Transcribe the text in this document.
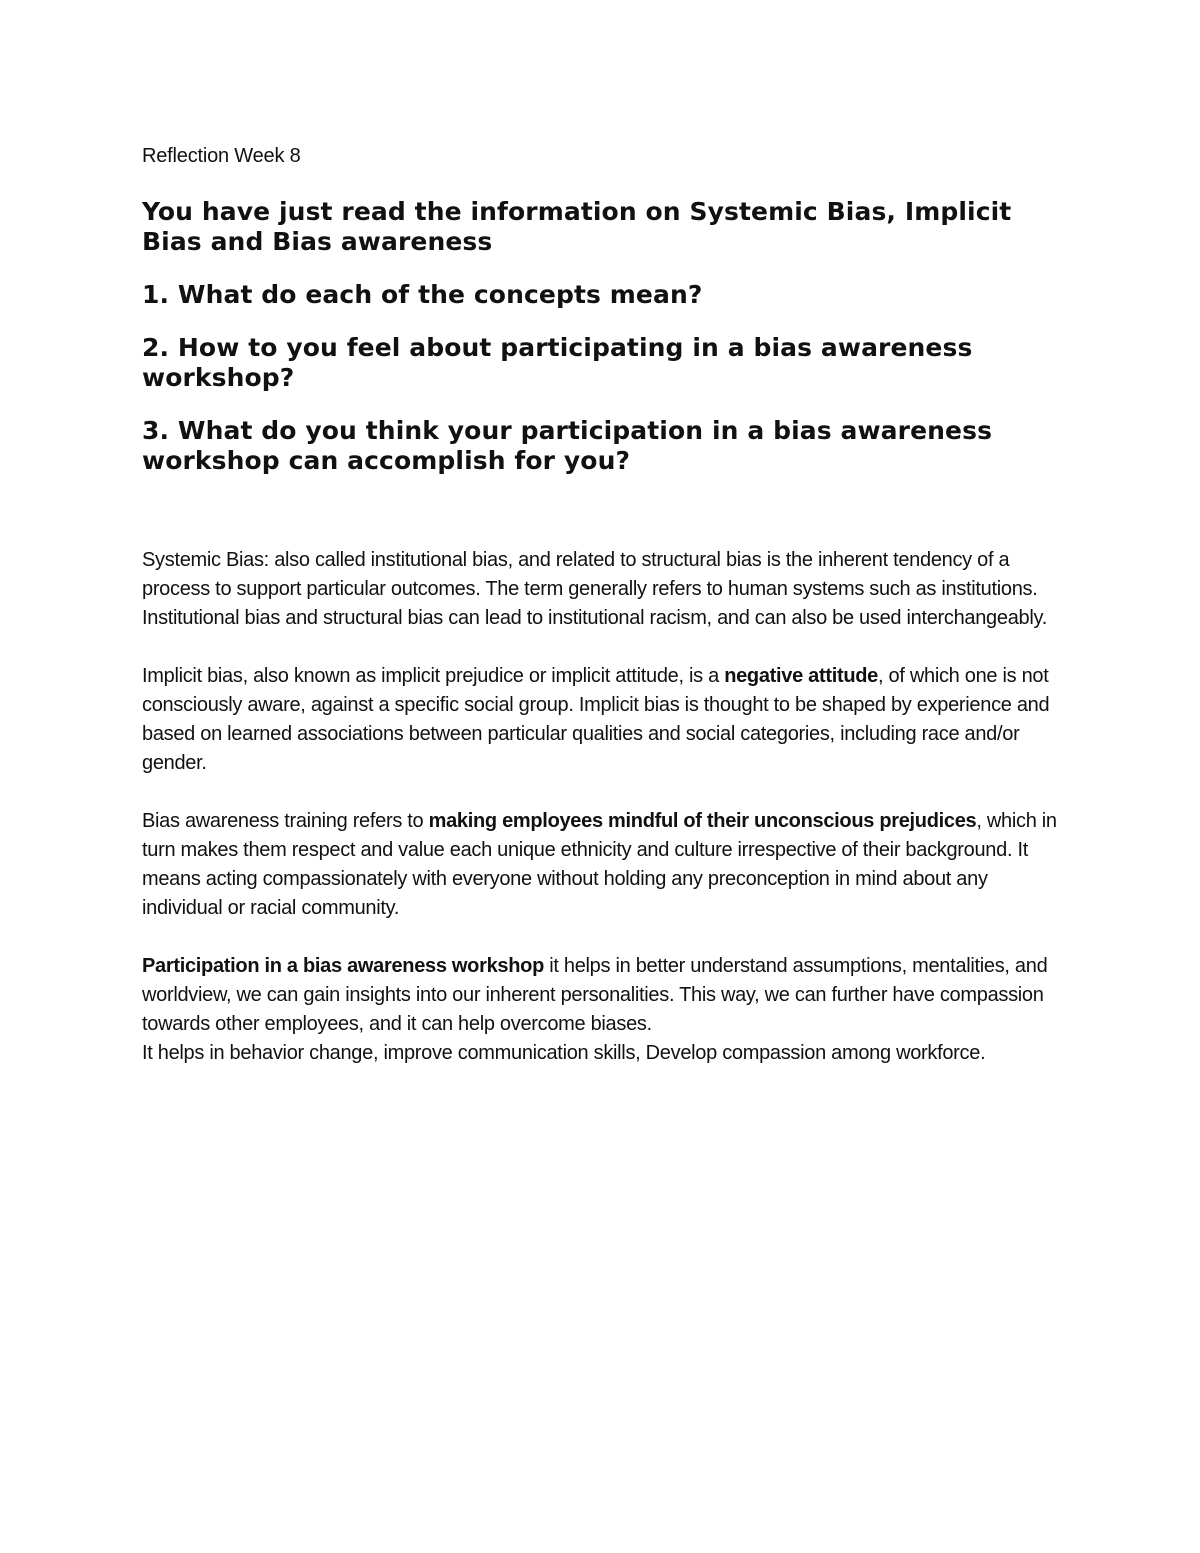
Reflection Week 8
You have just read the information on Systemic Bias, Implicit Bias and Bias awareness
1. What do each of the concepts mean?
2. How to you feel about participating in a bias awareness workshop?
3. What do you think your participation in a bias awareness workshop can accomplish for you?

Systemic Bias: also called institutional bias, and related to structural bias is the inherent tendency of a process to support particular outcomes. The term generally refers to human systems such as institutions. Institutional bias and structural bias can lead to institutional racism, and can also be used interchangeably.

Implicit bias, also known as implicit prejudice or implicit attitude, is a negative attitude, of which one is not consciously aware, against a specific social group. Implicit bias is thought to be shaped by experience and based on learned associations between particular qualities and social categories, including race and/or gender.

Bias awareness training refers to making employees mindful of their unconscious prejudices, which in turn makes them respect and value each unique ethnicity and culture irrespective of their background. It means acting compassionately with everyone without holding any preconception in mind about any individual or racial community.

Participation in a bias awareness workshop it helps in better understand assumptions, mentalities, and worldview, we can gain insights into our inherent personalities. This way, we can further have compassion towards other employees, and it can help overcome biases.
It helps in behavior change, improve communication skills, Develop compassion among workforce.
